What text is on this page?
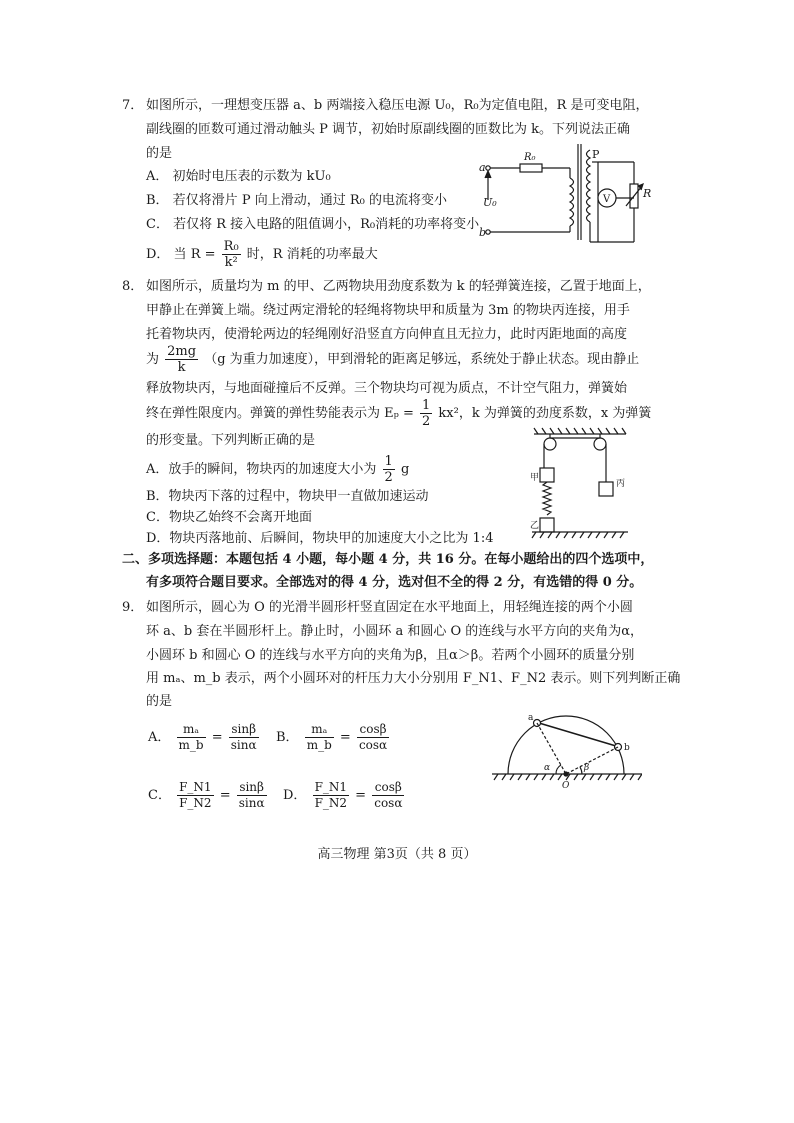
7． 如图所示，一理想变压器 a、b 两端接入稳压电源 U₀，R₀为定值电阻，R 是可变电阻，
副线圈的匝数可通过滑动触头 P 调节，初始时原副线圈的匝数比为 k。下列说法正确
的是
A． 初始时电压表的示数为 kU₀
B． 若仅将滑片 P 向上滑动，通过 R₀ 的电流将变小
C． 若仅将 R 接入电路的阻值调小，R₀消耗的功率将变小
D． 当 $R = \frac{\text{R₀}}{\text{k²}}$ 时，R 消耗的功率最大
a
b
U₀
R₀	P
V	R
8． 如图所示，质量均为 m 的甲、乙两物块用劲度系数为 k 的轻弹簧连接，乙置于地面上，
甲静止在弹簧上端。绕过两定滑轮的轻绳将物块甲和质量为 3m 的物块丙连接，用手
托着物块丙，使滑轮两边的轻绳刚好沿竖直方向伸直且无拉力，此时丙距地面的高度
为 $\frac{2mg}{k} (g$ 为重力加速度），甲到滑轮的距离足够远，系统处于静止状态。现由静止
释放物块丙，与地面碰撞后不反弹。三个物块均可视为质点，不计空气阻力，弹簧始
终在弹性限度内。弹簧的弹性势能表示为 $E_p = \frac{1}{2} kx^2$，k 为弹簧的劲度系数，x 为弹簧
的形变量。下列判断正确的是
A．放手的瞬间，物块丙的加速度大小为 $\frac{1}{2}$ g
B．物块丙下落的过程中，物块甲一直做加速运动
C．物块乙始终不会离开地面
D．物块丙落地前、后瞬间，物块甲的加速度大小之比为 1:4
甲
乙
丙
二、多项选择题：本题包括 4 小题，每小题 4 分，共 16 分。在每小题给出的四个选项中，
有多项符合题目要求。全部选对的得 4 分，选对但不全的得 2 分，有选错的得 0 分。
9． 如图所示，圆心为 O 的光滑半圆形杆竖直固定在水平地面上，用轻绳连接的两个小圆
环 a、b 套在半圆形杆上。静止时，小圆环 a 和圆心 O 的连线与水平方向的夹角为α，
小圆环 b 和圆心 O 的连线与水平方向的夹角为β，且α＞β。若两个小圆环的质量分别
用 mₐ、m_b 表示，两个小圆环对的杆压力大小分别用 F_N1、F_N2 表示。则下列判断正确
的是
A． $\frac{\text{mₐ}}{m\_b} = \frac{\sin\beta}{\sin\alpha}$ B． $\frac{\text{mₐ}}{m\_b} = \frac{\cos\beta}{\cos\alpha}$
C． $\frac{F\_N1}{F\_N2} = \frac{\sin\beta}{\sin\alpha}$ D． $\frac{F\_N1}{F\_N2} = \frac{\cos\beta}{\cos\alpha}$
a
b
α	β
O
高三物理 第3页（共 8 页）
